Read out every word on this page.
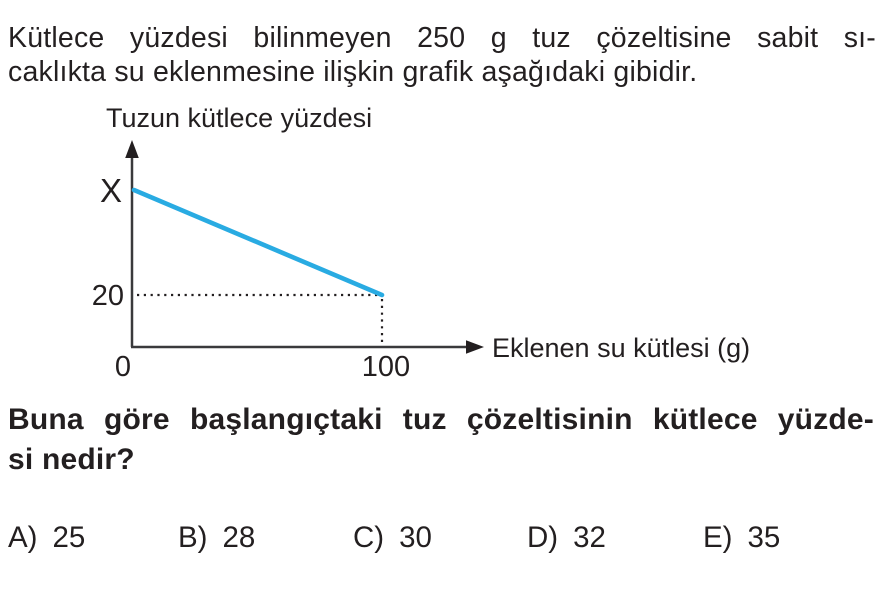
Tuzun kütlece yüzdesi
X
20
0	100
Eklenen su kütlesi (g)
Kütlece yüzdesi bilinmeyen 250 g tuz çözeltisine sabit sı-
caklıkta su eklenmesine ilişkin grafik aşağıdaki gibidir.
Buna göre başlangıçtaki tuz çözeltisinin kütlece yüzde-
si nedir?
A) 25	B) 28	C) 30	D) 32	E) 35
